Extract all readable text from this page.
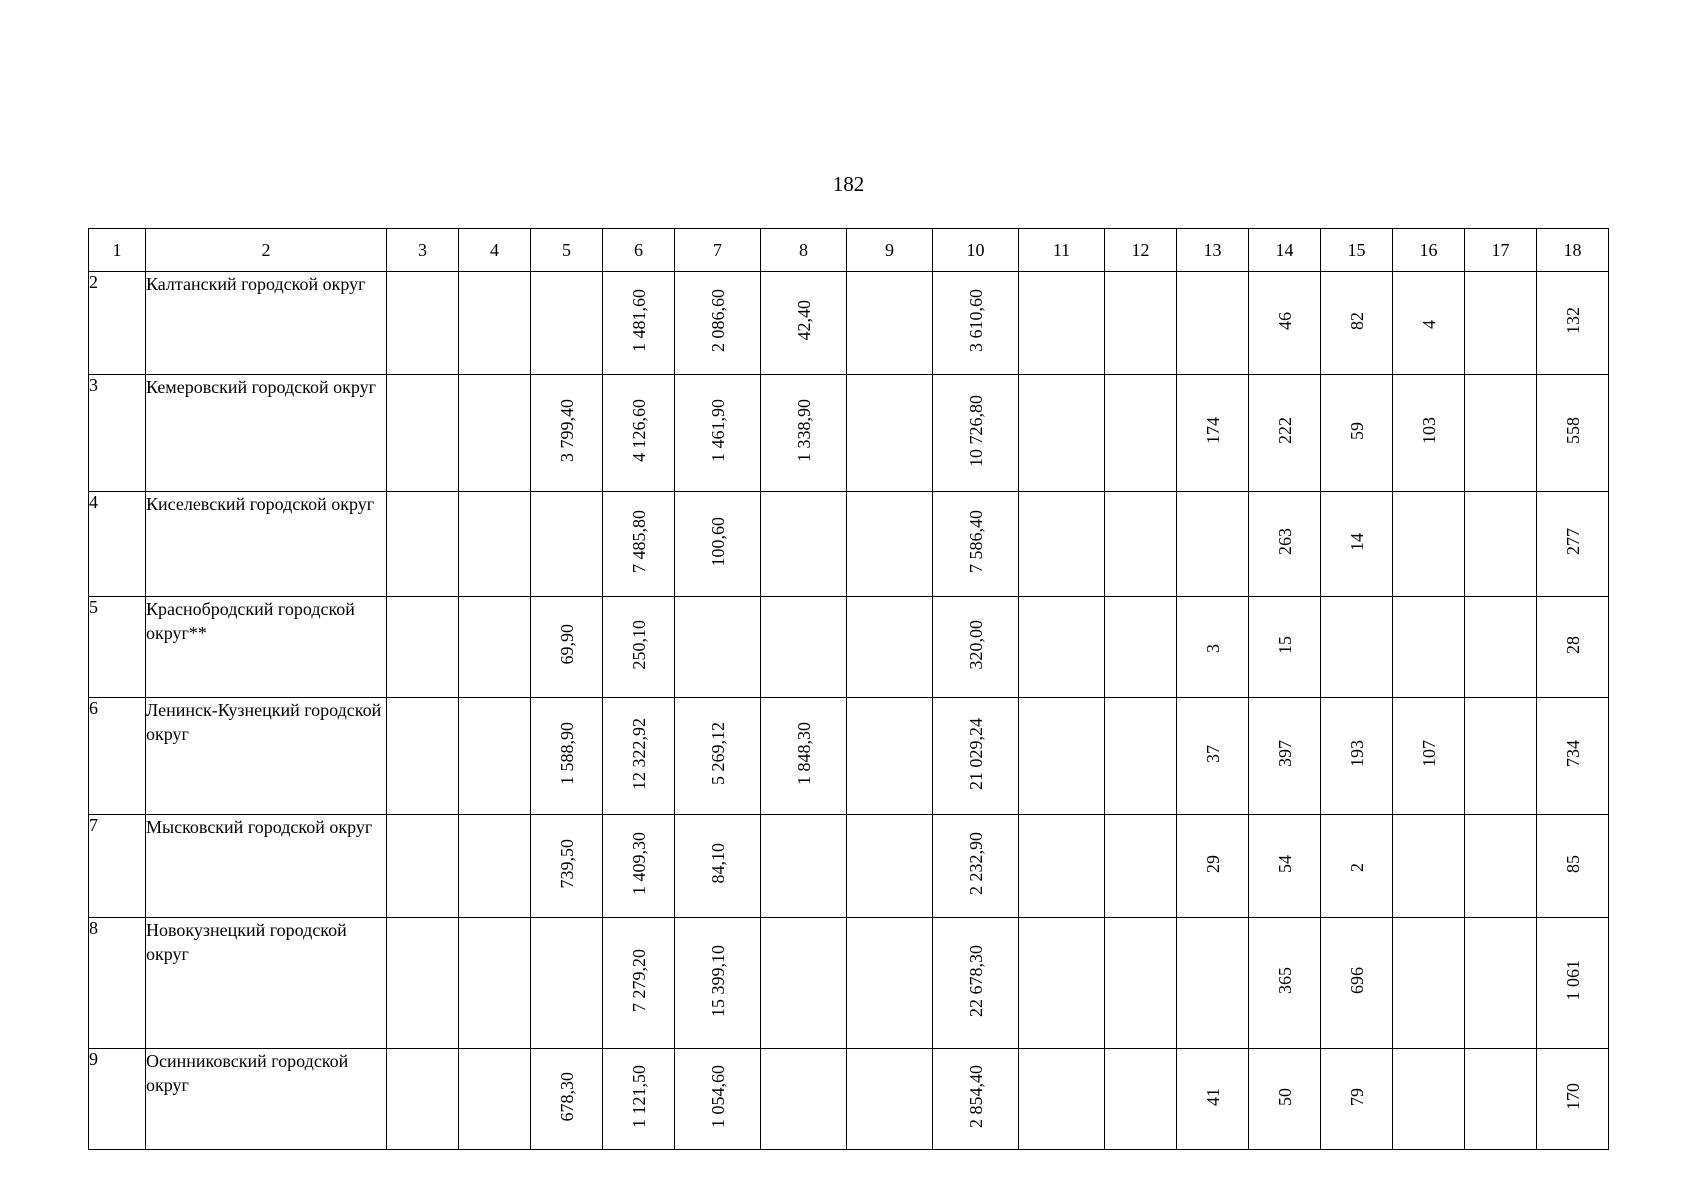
182
1	2	3	4	5	6	7	8	9	10	11	12	13	14	15	16	17	18
2	Калтанский городской округ				1 481,60	2 086,60	42,40		3 610,60				46	82	4		132
3	Кемеровский городской округ			3 799,40	4 126,60	1 461,90	1 338,90		10 726,80			174	222	59	103		558
4	Киселевский городской округ				7 485,80	100,60			7 586,40				263	14			277
5	Краснобродский городской округ**			69,90	250,10				320,00			3	15				28
6	Ленинск-Кузнецкий городской округ			1 588,90	12 322,92	5 269,12	1 848,30		21 029,24			37	397	193	107		734
7	Мысковский городской округ			739,50	1 409,30	84,10			2 232,90			29	54	2			85
8	Новокузнецкий городской округ				7 279,20	15 399,10			22 678,30				365	696			1 061
9	Осинниковский городской округ			678,30	1 121,50	1 054,60			2 854,40			41	50	79			170
